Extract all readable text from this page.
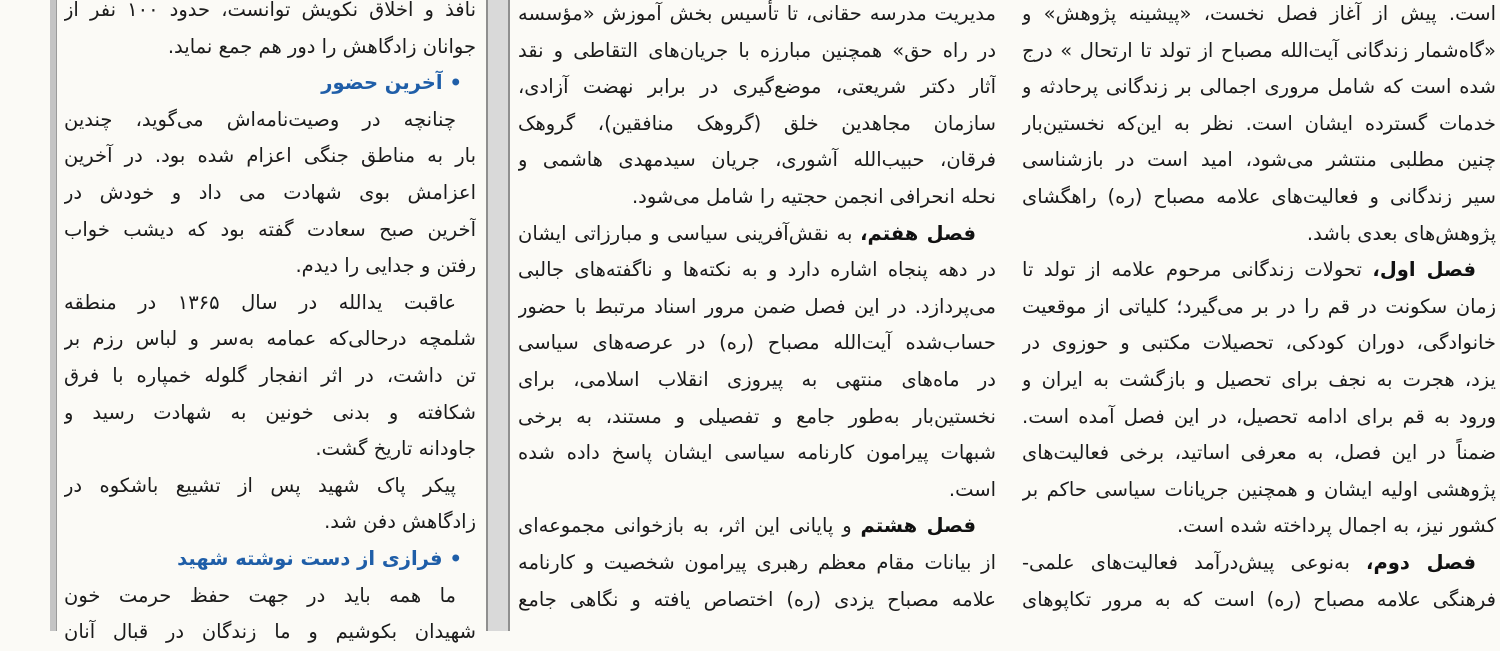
نافذ و اخلاق نکویش توانست، حدود ۱۰۰ نفر از
جوانان زادگاهش را دور هم جمع نماید.
• آخرین حضور
چنانچه در وصیت‌نامه‌اش می‌گوید، چندین
بار به مناطق جنگی اعزام شده بود. در آخرین
اعزامش بوی شهادت می داد و خودش در
آخرین صبح سعادت گفته بود که دیشب خواب
رفتن و جدایی را دیدم.
عاقبت یدالله در سال ۱۳۶۵ در منطقه
شلمچه درحالی‌که عمامه به‌سر و لباس رزم بر
تن داشت، در اثر انفجار گلوله خمپاره با فرق
شکافته و بدنی خونین به شهادت رسید و
جاودانه تاریخ گشت.
پیکر پاک شهید پس از تشییع باشکوه در
زادگاهش دفن شد.
• فرازی از دست نوشته شهید
ما همه باید در جهت حفظ حرمت خون
شهیدان بکوشیم و ما زندگان در قبال آنان
مدیریت مدرسه حقانی، تا تأسیس بخش آموزش «مؤسسه
در راه حق» همچنین مبارزه با جریان‌های التقاطی و نقد
آثار دکتر شریعتی، موضع‌گیری در برابر نهضت آزادی،
سازمان مجاهدین خلق (گروهک منافقین)، گروهک
فرقان، حبیب‌الله آشوری، جریان سیدمهدی هاشمی و
نحله انحرافی انجمن حجتیه را شامل می‌شود.
فصل هفتم، به نقش‌آفرینی سیاسی و مبارزاتی ایشان
در دهه پنجاه اشاره دارد و به نکته‌ها و ناگفته‌های جالبی
می‌پردازد. در این فصل ضمن مرور اسناد مرتبط با حضور
حساب‌شده آیت‌الله مصباح (ره) در عرصه‌های سیاسی
در ماه‌های منتهی به پیروزی انقلاب اسلامی، برای
نخستین‌بار به‌طور جامع و تفصیلی و مستند، به برخی
شبهات پیرامون کارنامه سیاسی ایشان پاسخ داده شده
است.
فصل هشتم و پایانی این اثر، به بازخوانی مجموعه‌ای
از بیانات مقام معظم رهبری پیرامون شخصیت و کارنامه
علامه مصباح یزدی (ره) اختصاص یافته و نگاهی جامع
است. پیش از آغاز فصل نخست، «پیشینه پژوهش» و
«گاه‌شمار زندگانی آیت‌الله مصباح از تولد تا ارتحال » درج
شده است که شامل مروری اجمالی بر زندگانی پرحادثه و
خدمات گسترده ایشان است. نظر به این‌که نخستین‌بار
چنین مطلبی منتشر می‌شود، امید است در بازشناسی
سیر زندگانی و فعالیت‌های علامه مصباح (ره) راهگشای
پژوهش‌های بعدی باشد.
فصل اول، تحولات زندگانی مرحوم علامه از تولد تا
زمان سکونت در قم را در بر می‌گیرد؛ کلیاتی از موقعیت
خانوادگی، دوران کودکی، تحصیلات مکتبی و حوزوی در
یزد، هجرت به نجف برای تحصیل و بازگشت به ایران و
ورود به قم برای ادامه تحصیل، در این فصل آمده است.
ضمناً در این فصل، به معرفی اساتید، برخی فعالیت‌های
پژوهشی اولیه ایشان و همچنین جریانات سیاسی حاکم بر
کشور نیز، به اجمال پرداخته شده است.
فصل دوم، به‌نوعی پیش‌درآمد فعالیت‌های علمی-
فرهنگی علامه مصباح (ره) است که به مرور تکاپوهای
